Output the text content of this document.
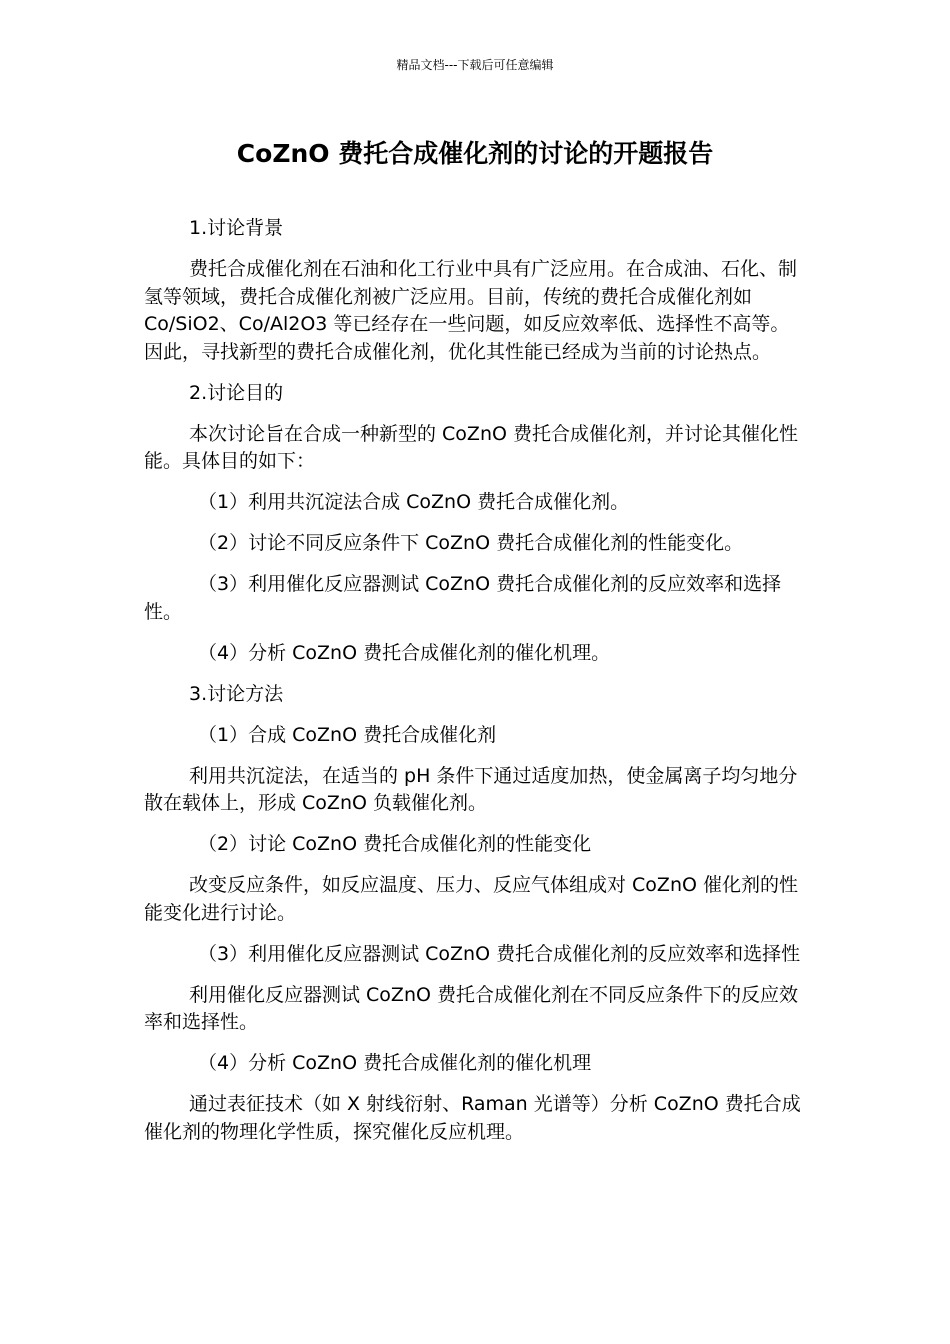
精品文档---下载后可任意编辑
CoZnO 费托合成催化剂的讨论的开题报告

1.讨论背景

费托合成催化剂在石油和化工行业中具有广泛应用。在合成油、石化、制氢等领域，费托合成催化剂被广泛应用。目前，传统的费托合成催化剂如 Co/SiO2、Co/Al2O3 等已经存在一些问题，如反应效率低、选择性不高等。因此，寻找新型的费托合成催化剂，优化其性能已经成为当前的讨论热点。

2.讨论目的

本次讨论旨在合成一种新型的 CoZnO 费托合成催化剂，并讨论其催化性能。具体目的如下：

（1）利用共沉淀法合成 CoZnO 费托合成催化剂。

（2）讨论不同反应条件下 CoZnO 费托合成催化剂的性能变化。

（3）利用催化反应器测试 CoZnO 费托合成催化剂的反应效率和选择性。

（4）分析 CoZnO 费托合成催化剂的催化机理。

3.讨论方法

（1）合成 CoZnO 费托合成催化剂

利用共沉淀法，在适当的 pH 条件下通过适度加热，使金属离子均匀地分散在载体上，形成 CoZnO 负载催化剂。

（2）讨论 CoZnO 费托合成催化剂的性能变化

改变反应条件，如反应温度、压力、反应气体组成对 CoZnO 催化剂的性能变化进行讨论。

（3）利用催化反应器测试 CoZnO 费托合成催化剂的反应效率和选择性

利用催化反应器测试 CoZnO 费托合成催化剂在不同反应条件下的反应效率和选择性。

（4）分析 CoZnO 费托合成催化剂的催化机理

通过表征技术（如 X 射线衍射、Raman 光谱等）分析 CoZnO 费托合成催化剂的物理化学性质，探究催化反应机理。
